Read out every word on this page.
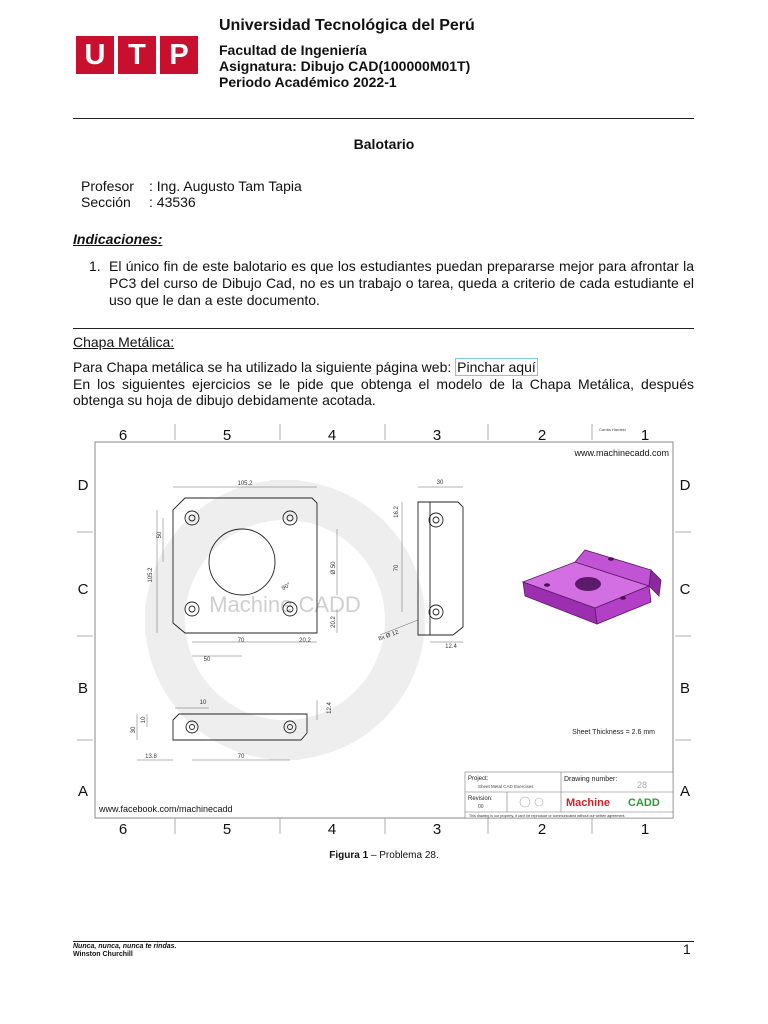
U T P
Universidad Tecnológica del Perú
Facultad de Ingeniería
Asignatura: Dibujo CAD(100000M01T)
Periodo Académico 2022-1
Balotario
Profesor : Ing. Augusto Tam Tapia
Sección : 43536
Indicaciones:
1. El único fin de este balotario es que los estudiantes puedan prepararse mejor para afrontar la PC3 del curso de Dibujo Cad, no es un trabajo o tarea, queda a criterio de cada estudiante el uso que le dan a este documento.
Chapa Metálica:
Para Chapa metálica se ha utilizado la siguiente página web: Pinchar aquí
En los siguientes ejercicios se le pide que obtenga el modelo de la Chapa Metálica, después obtenga su hoja de dibujo debidamente acotada.
6	5	4	3	2	1
Cardia Hardesi
6	5	4	3	2	1
D
C
B
A
D
C
B
A
Machine CADD
www.machinecadd.com
105.2
105.2
50
70	20.2
50
Ø 50
20.2
90°
30
16.2
70
12.4
8x Ø 12
10
30
10
12.4
13.8	70
Sheet Thickness = 2.6 mm
Project:
Sheet Metal CAD Exercises
Drawing number:
28
Revision:
00	Machine CADD
This drawing is our property, it can't be reproduce or communicated without our written agreement.
www.facebook.com/machinecadd
Figura 1 – Problema 28.
Nunca, nunca, nunca te rindas.
Winston Churchill	1
